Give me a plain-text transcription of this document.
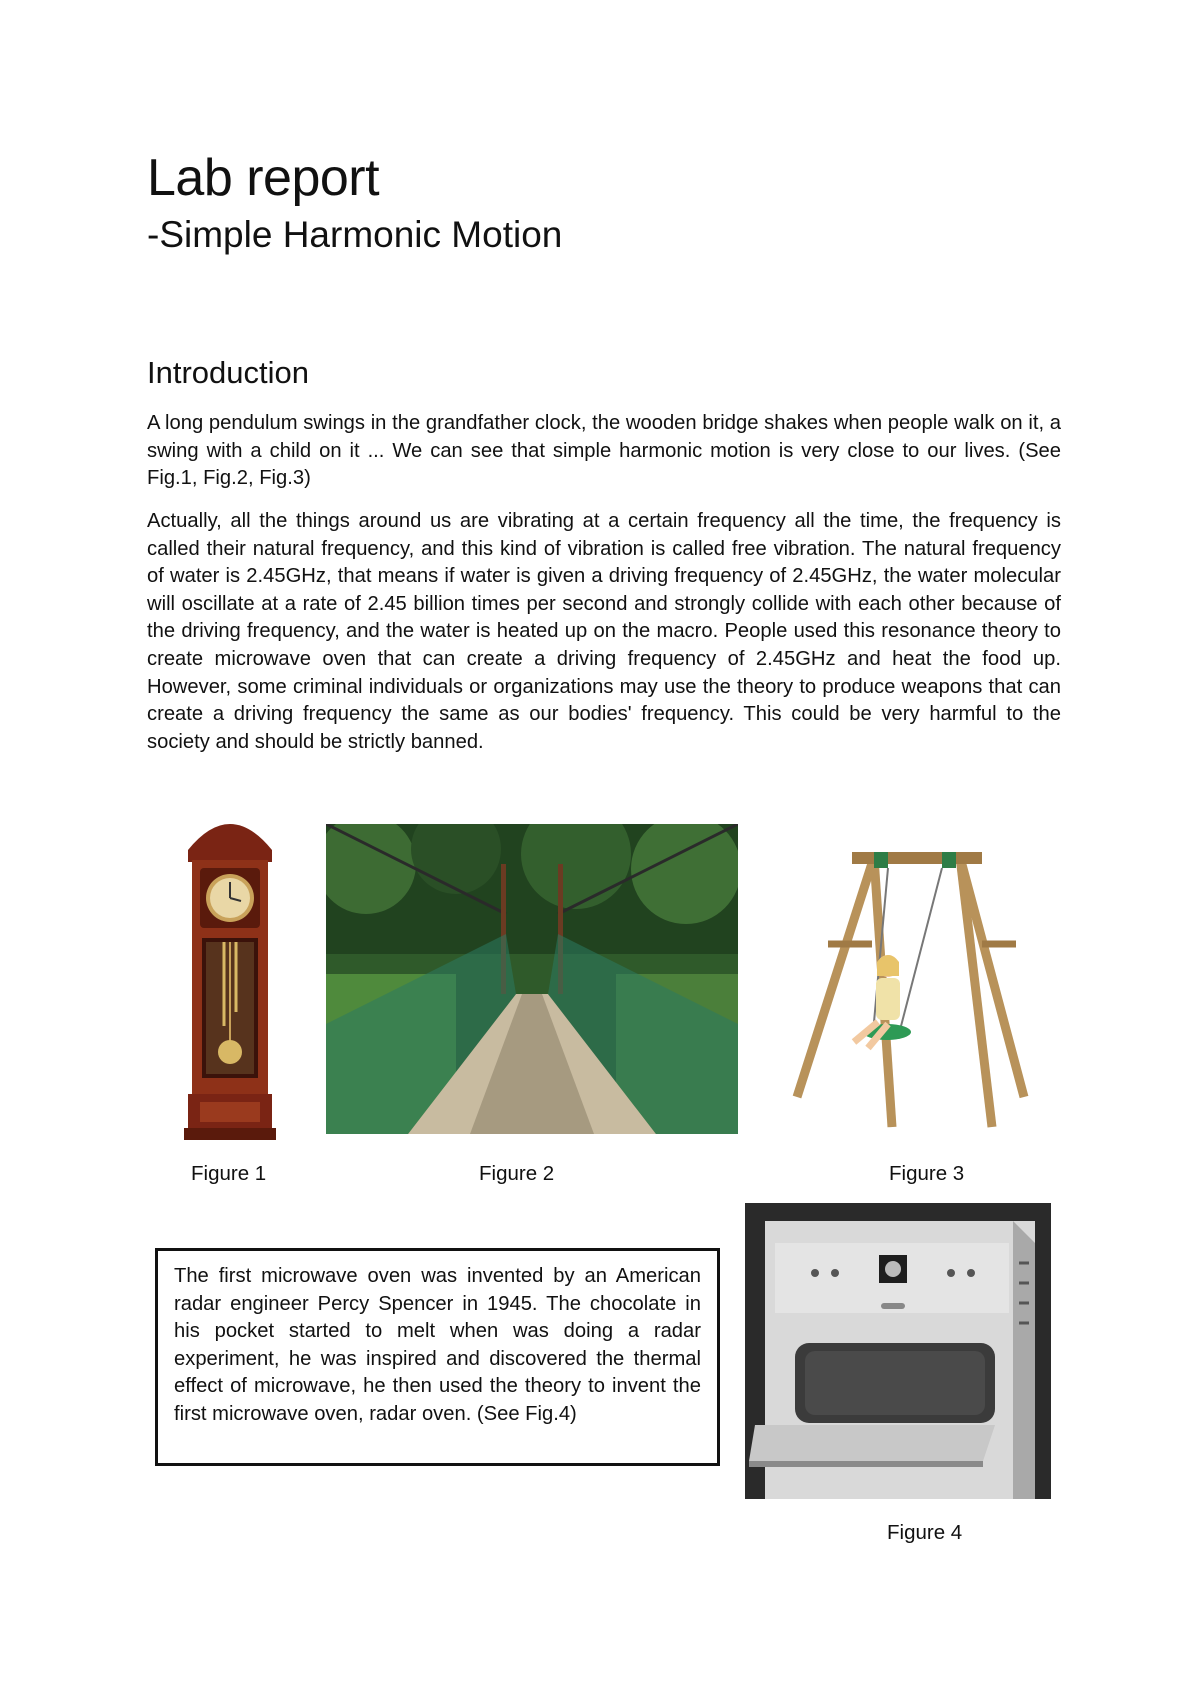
Lab report
-Simple Harmonic Motion
Introduction

A long pendulum swings in the grandfather clock, the wooden bridge shakes when people walk on it, a swing with a child on it ... We can see that simple harmonic motion is very close to our lives. (See Fig.1, Fig.2, Fig.3)

Actually, all the things around us are vibrating at a certain frequency all the time, the frequency is called their natural frequency, and this kind of vibration is called free vibration. The natural frequency of water is 2.45GHz, that means if water is given a driving frequency of 2.45GHz, the water molecular will oscillate at a rate of 2.45 billion times per second and strongly collide with each other because of the driving frequency, and the water is heated up on the macro. People used this resonance theory to create microwave oven that can create a driving frequency of 2.45GHz and heat the food up. However, some criminal individuals or organizations may use the theory to produce weapons that can create a driving frequency the same as our bodies' frequency. This could be very harmful to the society and should be strictly banned.

Figure 1	Figure 2	Figure 3
The first microwave oven was invented by an American radar engineer Percy Spencer in 1945. The chocolate in his pocket started to melt when was doing a radar experiment, he was inspired and discovered the thermal effect of microwave, he then used the theory to invent the first microwave oven, radar oven. (See Fig.4)
Figure 4
